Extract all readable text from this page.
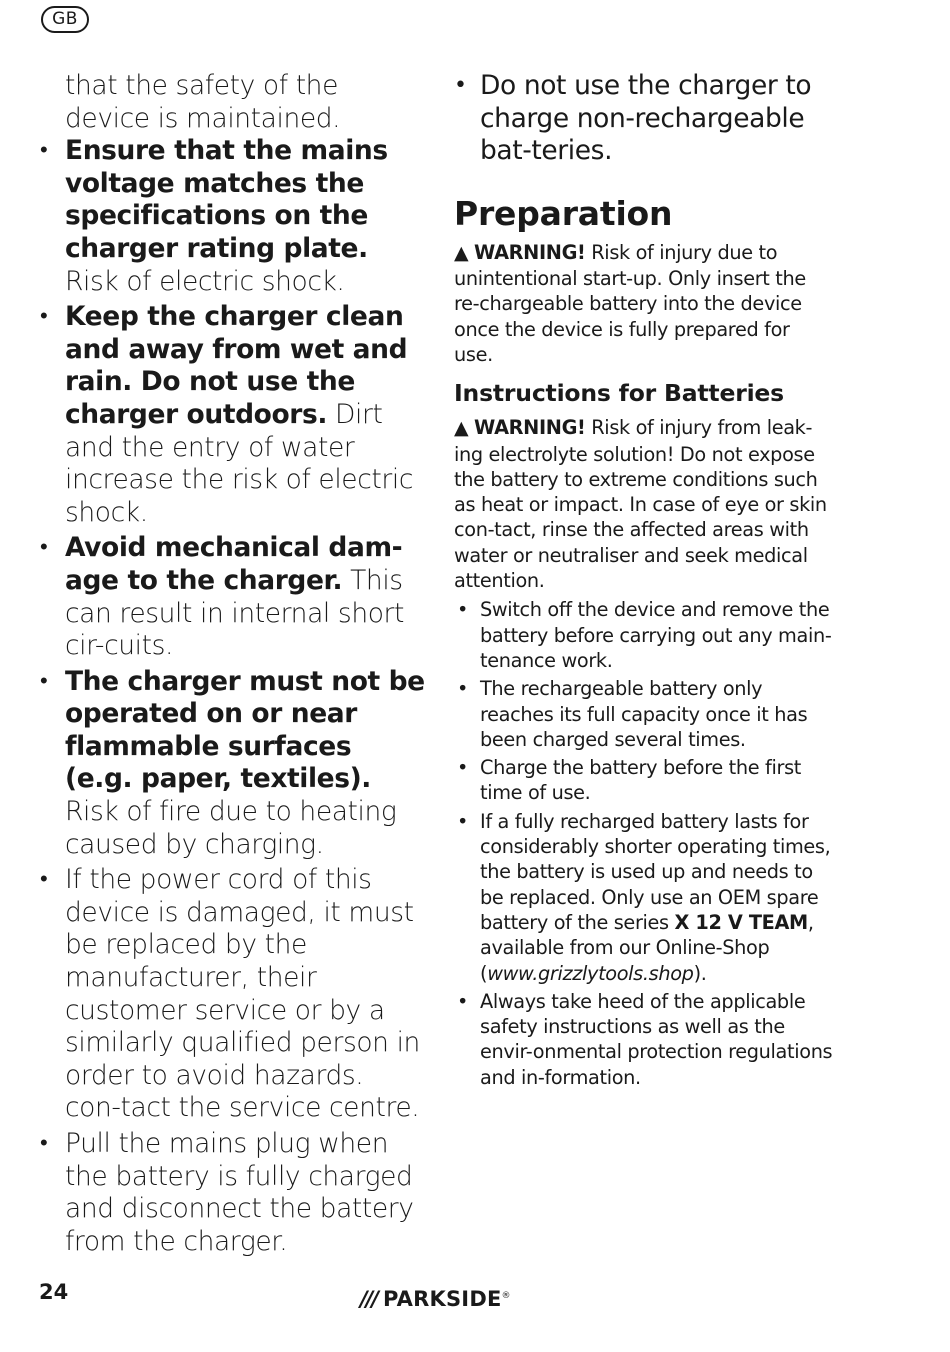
GB

that the safety of the device is maintained.

• Ensure that the mains voltage matches the specifications on the charger rating plate. Risk of electric shock.
• Keep the charger clean and away from wet and rain. Do not use the charger outdoors. Dirt and the entry of water increase the risk of electric shock.
• Avoid mechanical dam-age to the charger. This can result in internal short cir-cuits.
• The charger must not be operated on or near flammable surfaces (e.g. paper, textiles). Risk of fire due to heating caused by charging.
• If the power cord of this device is damaged, it must be replaced by the manufacturer, their customer service or by a similarly qualified person in order to avoid hazards. con-tact the service centre.
• Pull the mains plug when the battery is fully charged and disconnect the battery from the charger.
• Do not use the charger to charge non-rechargeable bat-teries.
Preparation
▲ WARNING! Risk of injury due to unintentional start-up. Only insert the re-chargeable battery into the device once the device is fully prepared for use.
Instructions for Batteries
▲ WARNING! Risk of injury from leak-ing electrolyte solution! Do not expose the battery to extreme conditions such as heat or impact. In case of eye or skin con-tact, rinse the affected areas with water or neutraliser and seek medical attention.
• Switch off the device and remove the battery before carrying out any main-tenance work.
• The rechargeable battery only reaches its full capacity once it has been charged several times.
• Charge the battery before the first time of use.
• If a fully recharged battery lasts for considerably shorter operating times, the battery is used up and needs to be replaced. Only use an OEM spare battery of the series X 12 V TEAM, available from our Online-Shop (www.grizzlytools.shop).
• Always take heed of the applicable safety instructions as well as the envir-onmental protection regulations and in-formation.
24	/// PARKSIDE®
